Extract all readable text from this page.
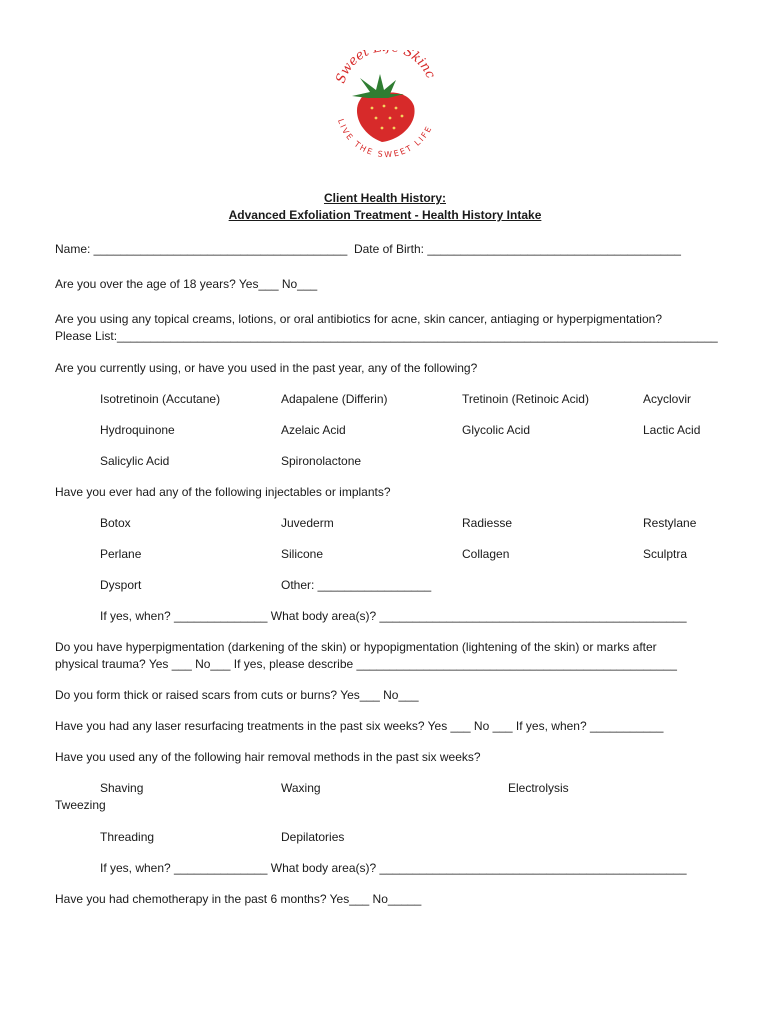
Sweet Skinc
LIVE THE SWEET LIFE
Client Health History:
Advanced Exfoliation Treatment - Health History Intake
Name: ______________________________________  Date of Birth: ______________________________________
Are you over the age of 18 years? Yes___ No___
Are you using any topical creams, lotions, or oral antibiotics for acne, skin cancer, antiaging or hyperpigmentation?
Please List:__________________________________________________________________________________________
Are you currently using, or have you used in the past year, any of the following?
Isotretinoin (Accutane)	Adapalene (Differin)	Tretinoin (Retinoic Acid)	Acyclovir
Hydroquinone	Azelaic Acid	Glycolic Acid	Lactic Acid
Salicylic Acid	Spironolactone
Have you ever had any of the following injectables or implants?
Botox	Juvederm	Radiesse	Restylane
Perlane	Silicone	Collagen	Sculptra
Dysport	Other: _________________
If yes, when? ______________ What body area(s)? ______________________________________________
Do you have hyperpigmentation (darkening of the skin) or hypopigmentation (lightening of the skin) or marks after
physical trauma? Yes ___ No___ If yes, please describe ________________________________________________
Do you form thick or raised scars from cuts or burns? Yes___ No___
Have you had any laser resurfacing treatments in the past six weeks? Yes ___ No ___ If yes, when? ___________
Have you used any of the following hair removal methods in the past six weeks?
Shaving	Waxing	Electrolysis
Tweezing
Threading	Depilatories
If yes, when? ______________ What body area(s)? ______________________________________________
Have you had chemotherapy in the past 6 months? Yes___ No_____
